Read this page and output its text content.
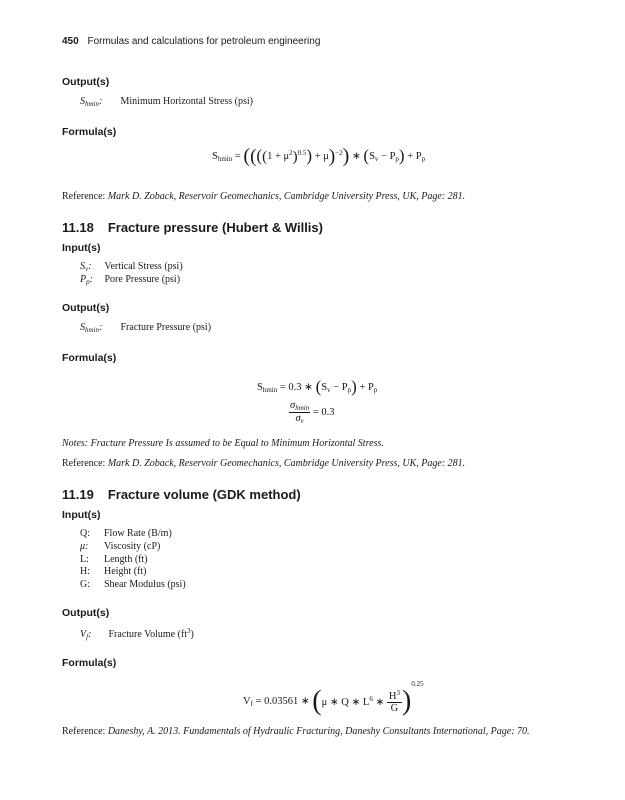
450 Formulas and calculations for petroleum engineering
Output(s)
$S_{hmin}$: Minimum Horizontal Stress (psi)
Formula(s)
$S_{hmin} = ((((1 + \mu^2)^{0.5}) + \mu)^{-2})$ ∗ $(S_v - P_p) + P_p$
Reference: Mark D. Zoback, Reservoir Geomechanics, Cambridge University Press, UK, Page: 281.
11.18 Fracture pressure (Hubert & Willis)
Input(s)
$S_v$: Vertical Stress (psi)
$P_p$: Pore Pressure (psi)
Output(s)
$S_{hmin}$: Fracture Pressure (psi)
Formula(s)
$S_{hmin} = 0.3$ ∗ $(S_v - P_p) + P_p$
$\sigma_{hmin}$
$\sigma_v$
= 0.3
Notes: Fracture Pressure Is assumed to be Equal to Minimum Horizontal Stress.
Reference: Mark D. Zoback, Reservoir Geomechanics, Cambridge University Press, UK, Page: 281.
11.19 Fracture volume (GDK method)
Input(s)
Q: Flow Rate (B/m)
μ: Viscosity (cP)
L: Length (ft)
H: Height (ft)
G: Shear Modulus (psi)
Output(s)
$V_f$: Fracture Volume $(ft^3)$
Formula(s)
$V_f = 0.03561$ ∗ (μ ∗ Q ∗ $L^6$ ∗ $\frac{H^3}{G} )^{0.25}$
Reference: Daneshy, A. 2013. Fundamentals of Hydraulic Fracturing, Daneshy Consultants International, Page: 70.
